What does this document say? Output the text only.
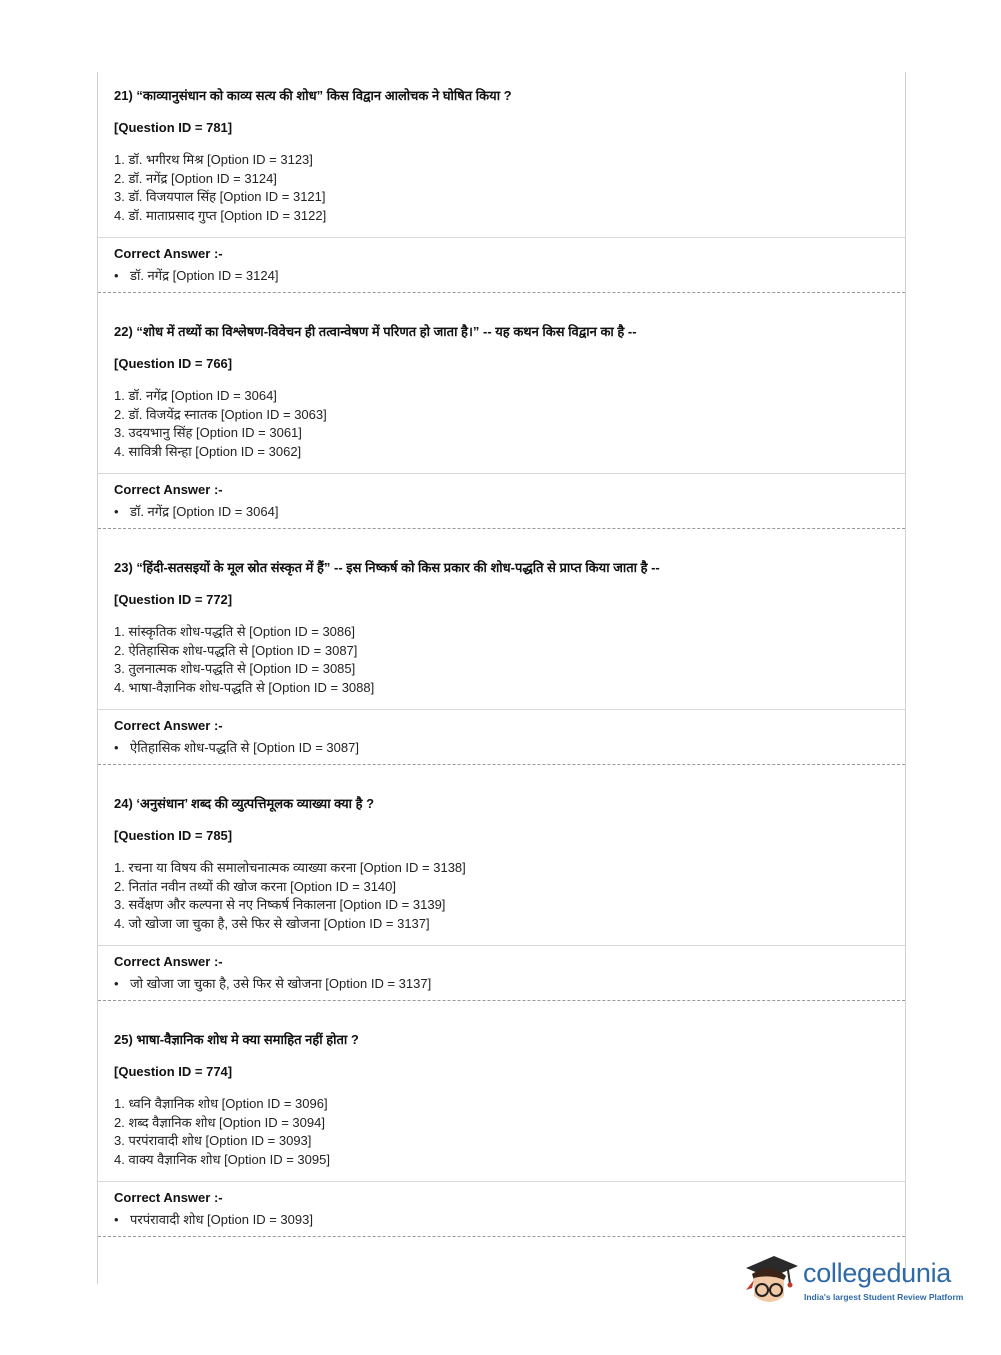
21) “काव्यानुसंधान को काव्य सत्य की शोध” किस विद्वान आलोचक ने घोषित किया ?
[Question ID = 781]
1. डॉ. भगीरथ मिश्र [Option ID = 3123]
2. डॉ. नगेंद्र [Option ID = 3124]
3. डॉ. विजयपाल सिंह [Option ID = 3121]
4. डॉ. माताप्रसाद गुप्त [Option ID = 3122]
Correct Answer :-
• डॉ. नगेंद्र [Option ID = 3124]
22) “शोध में तथ्यों का विश्लेषण-विवेचन ही तत्वान्वेषण में परिणत हो जाता है।” -- यह कथन किस विद्वान का है --
[Question ID = 766]
1. डॉ. नगेंद्र [Option ID = 3064]
2. डॉ. विजयेंद्र स्नातक [Option ID = 3063]
3. उदयभानु सिंह [Option ID = 3061]
4. सावित्री सिन्हा [Option ID = 3062]
Correct Answer :-
• डॉ. नगेंद्र [Option ID = 3064]
23) “हिंदी-सतसइयों के मूल स्रोत संस्कृत में हैं” -- इस निष्कर्ष को किस प्रकार की शोध-पद्धति से प्राप्त किया जाता है --
[Question ID = 772]
1. सांस्कृतिक शोध-पद्धति से [Option ID = 3086]
2. ऐतिहासिक शोध-पद्धति से [Option ID = 3087]
3. तुलनात्मक शोध-पद्धति से [Option ID = 3085]
4. भाषा-वैज्ञानिक शोध-पद्धति से [Option ID = 3088]
Correct Answer :-
• ऐतिहासिक शोध-पद्धति से [Option ID = 3087]
24) ‘अनुसंधान’ शब्द की व्युत्पत्तिमूलक व्याख्या क्या है ?
[Question ID = 785]
1. रचना या विषय की समालोचनात्मक व्याख्या करना [Option ID = 3138]
2. नितांत नवीन तथ्यों की खोज करना [Option ID = 3140]
3. सर्वेक्षण और कल्पना से नए निष्कर्ष निकालना [Option ID = 3139]
4. जो खोजा जा चुका है, उसे फिर से खोजना [Option ID = 3137]
Correct Answer :-
• जो खोजा जा चुका है, उसे फिर से खोजना [Option ID = 3137]
25) भाषा-वैज्ञानिक शोध मे क्या समाहित नहीं होता ?
[Question ID = 774]
1. ध्वनि वैज्ञानिक शोध [Option ID = 3096]
2. शब्द वैज्ञानिक शोध [Option ID = 3094]
3. परपंरावादी शोध [Option ID = 3093]
4. वाक्य वैज्ञानिक शोध [Option ID = 3095]
Correct Answer :-
• परपंरावादी शोध [Option ID = 3093]
collegedunia
India's largest Student Review Platform
